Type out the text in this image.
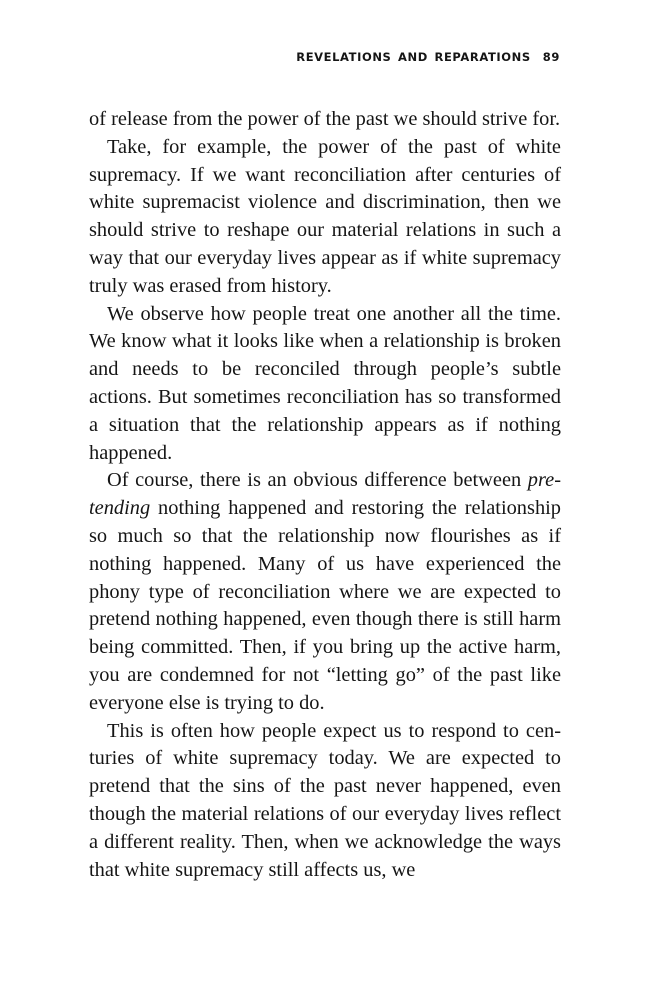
REVELATIONS AND REPARATIONS 89

of release from the power of the past we should strive for.

Take, for example, the power of the past of white supremacy. If we want reconciliation after centuries of white supremacist violence and discrimination, then we should strive to reshape our material relations in such a way that our everyday lives appear as if white supremacy truly was erased from history.

We observe how people treat one another all the time. We know what it looks like when a relationship is broken and needs to be reconciled through people’s subtle actions. But sometimes reconciliation has so transformed a situation that the relationship appears as if nothing happened.

Of course, there is an obvious difference between pretending nothing happened and restoring the relationship so much so that the relationship now flourishes as if nothing happened. Many of us have experienced the phony type of reconciliation where we are expected to pretend nothing happened, even though there is still harm being committed. Then, if you bring up the active harm, you are condemned for not “letting go” of the past like everyone else is trying to do.

This is often how people expect us to respond to centuries of white supremacy today. We are expected to pretend that the sins of the past never happened, even though the material relations of our everyday lives reflect a different reality. Then, when we acknowledge the ways that white supremacy still affects us, we
